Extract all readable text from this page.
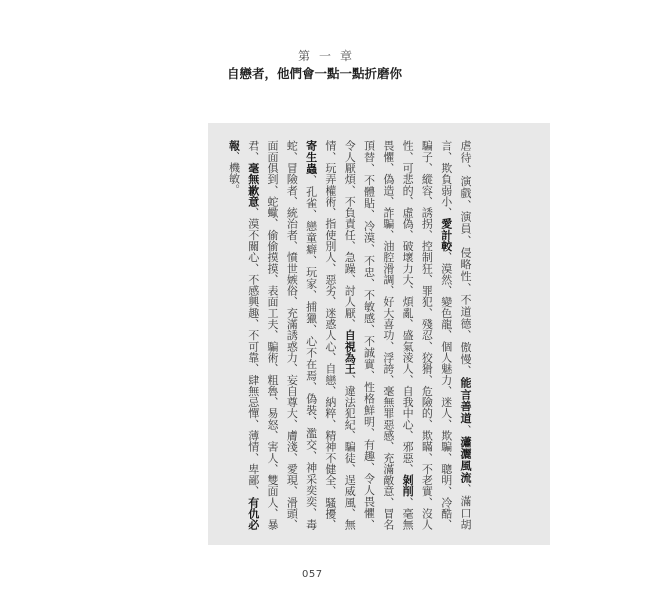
第一章
自戀者，他們會一點一點折磨你
虐待、演戲、演員、侵略性、不道德、傲慢、能言善道、瀟灑風流、滿口胡
言、欺負弱小、愛計較、漠然、變色龍、個人魅力、迷人、欺騙、聰明、冷酷、
騙子、縱容、誘拐、控制狂、罪犯、殘忍、狡猾、危險的、欺瞞、不老實、沒人
性、可悲的、虛偽、破壞力大、煩亂、盛氣淩人、自我中心、邪惡、剝削、毫無
畏懼、偽造、詐騙、油腔滑調、好大喜功、浮誇、毫無罪惡感、充滿敵意、冒名
頂替、不體貼、冷漠、不忠、不敏感、不誠實、性格鮮明、有趣、令人畏懼、
令人厭煩、不負責任、急躁、討人厭、自視為王、違法犯紀、騙徒、逞威風、無
情、玩弄權術、指使別人、惡劣、迷惑人心、自戀、納粹、精神不健全、騷擾、
寄生蟲、孔雀、戀童癖、玩家、捕獵、心不在焉、偽裝、濫交、神采奕奕、毒
蛇、冒險者、統治者、憤世嫉俗、充滿誘惑力、妄自尊大、膚淺、愛現、滑頭、
面面俱到、蛇蠍、偷偷摸摸、表面工夫、騙術、粗魯、易怒、害人、雙面人、暴
君、毫無歉意、漠不關心、不感興趣、不可靠、肆無忌憚、薄情、卑鄙、有仇必
報、機敏。
057
